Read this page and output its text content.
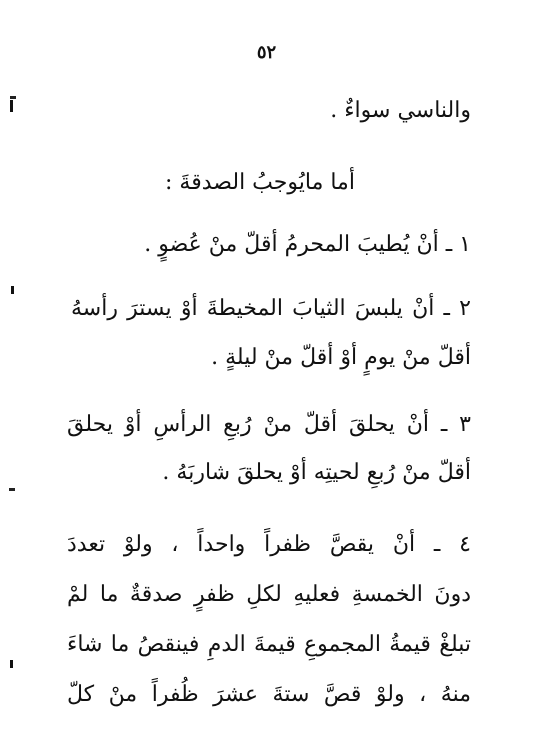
٥٢
والناسي سواءٌ .
أما مايُوجبُ الصدقةَ :
١ ـ أنْ يُطيبَ المحرمُ أقلّ منْ عُضوٍ .
٢ ـ أنْ يلبسَ الثيابَ المخيطةَ أوْ يسترَ رأسهُ
أقلّ منْ يومٍ أوْ أقلّ منْ ليلةٍ .
٣ ـ أنْ يحلقَ أقلّ منْ رُبعِ الرأسِ أوْ يحلقَ
أقلّ منْ رُبعِ لحيتِه أوْ يحلقَ شاربَهُ .
٤ ـ أنْ يقصَّ ظفراً واحداً ، ولوْ تعددَ
دونَ الخمسةِ فعليهِ لكلِ ظفرٍ صدقةٌ ما لمْ
تبلغْ قيمةُ المجموعِ قيمةَ الدمِ فينقصُ ما شاءَ
منهُ ، ولوْ قصَّ ستةَ عشرَ ظُفراً منْ كلّ
